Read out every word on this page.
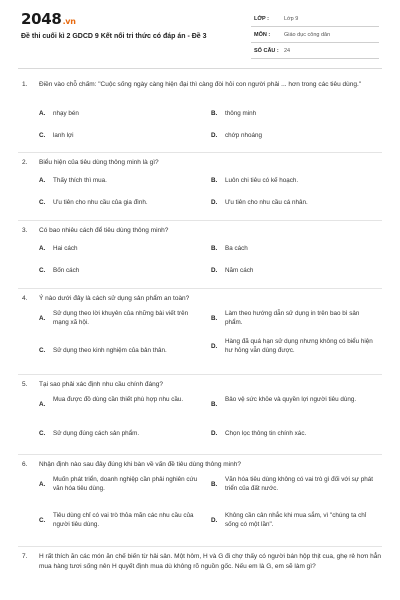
2048.vn
Đề thi cuối kì 2 GDCD 9 Kết nối tri thức có đáp án - Đề 3
LỚP :	Lớp 9
MÔN :	Giáo dục công dân
SỐ CÂU : 24
1. Điền vào chỗ chấm: "Cuộc sống ngày càng hiện đại thì càng đòi hỏi con người phải ... hơn trong các tiêu dùng."
A. nhạy bén	B. thông minh
C. lanh lợi	D. chớp nhoáng
2. Biểu hiện của tiêu dùng thông minh là gì?
A. Thấy thích thì mua.	B. Luôn chi tiêu có kế hoạch.
C. Ưu tiên cho nhu cầu của gia đình.	D. Ưu tiên cho nhu cầu cá nhân.
3. Có bao nhiêu cách để tiêu dùng thông minh?
A. Hai cách	B. Ba cách
C. Bốn cách	D. Năm cách
4. Ý nào dưới đây là cách sử dụng sản phẩm an toàn?
A.
Sử dụng theo lời khuyên của những bài viết trên mạng xã hội.
B.
Làm theo hướng dẫn sử dụng in trên bao bì sản phẩm.
C. Sử dụng theo kinh nghiệm của bản thân.
D.
Hàng đã quá hạn sử dụng nhưng không có biểu hiện hư hỏng vẫn dùng được.
5. Tại sao phải xác định nhu cầu chính đáng?
A.
Mua được đồ dùng cần thiết phù hợp nhu cầu.
B.
Bảo vệ sức khỏe và quyền lợi người tiêu dùng.
C. Sử dụng đúng cách sản phẩm.	D. Chọn lọc thông tin chính xác.
6. Nhận định nào sau đây đúng khi bàn về vấn đề tiêu dùng thông minh?
A.
Muốn phát triển, doanh nghiệp cần phải nghiên cứu văn hóa tiêu dùng.
B.
Văn hóa tiêu dùng không có vai trò gì đối với sự phát triển của đất nước.
C.
Tiêu dùng chỉ có vai trò thỏa mãn các nhu cầu của người tiêu dùng.
D.
Không cần cân nhắc khi mua sắm, vì "chúng ta chỉ sống có một lần".
7. H rất thích ăn các món ăn chế biến từ hải sản. Một hôm, H và G đi chợ thấy có người bán hộp thịt cua, ghẹ rẻ hơn hẳn mua hàng tươi sống nên H quyết định mua dù không rõ nguồn gốc. Nếu em là G, em sẽ làm gì?
